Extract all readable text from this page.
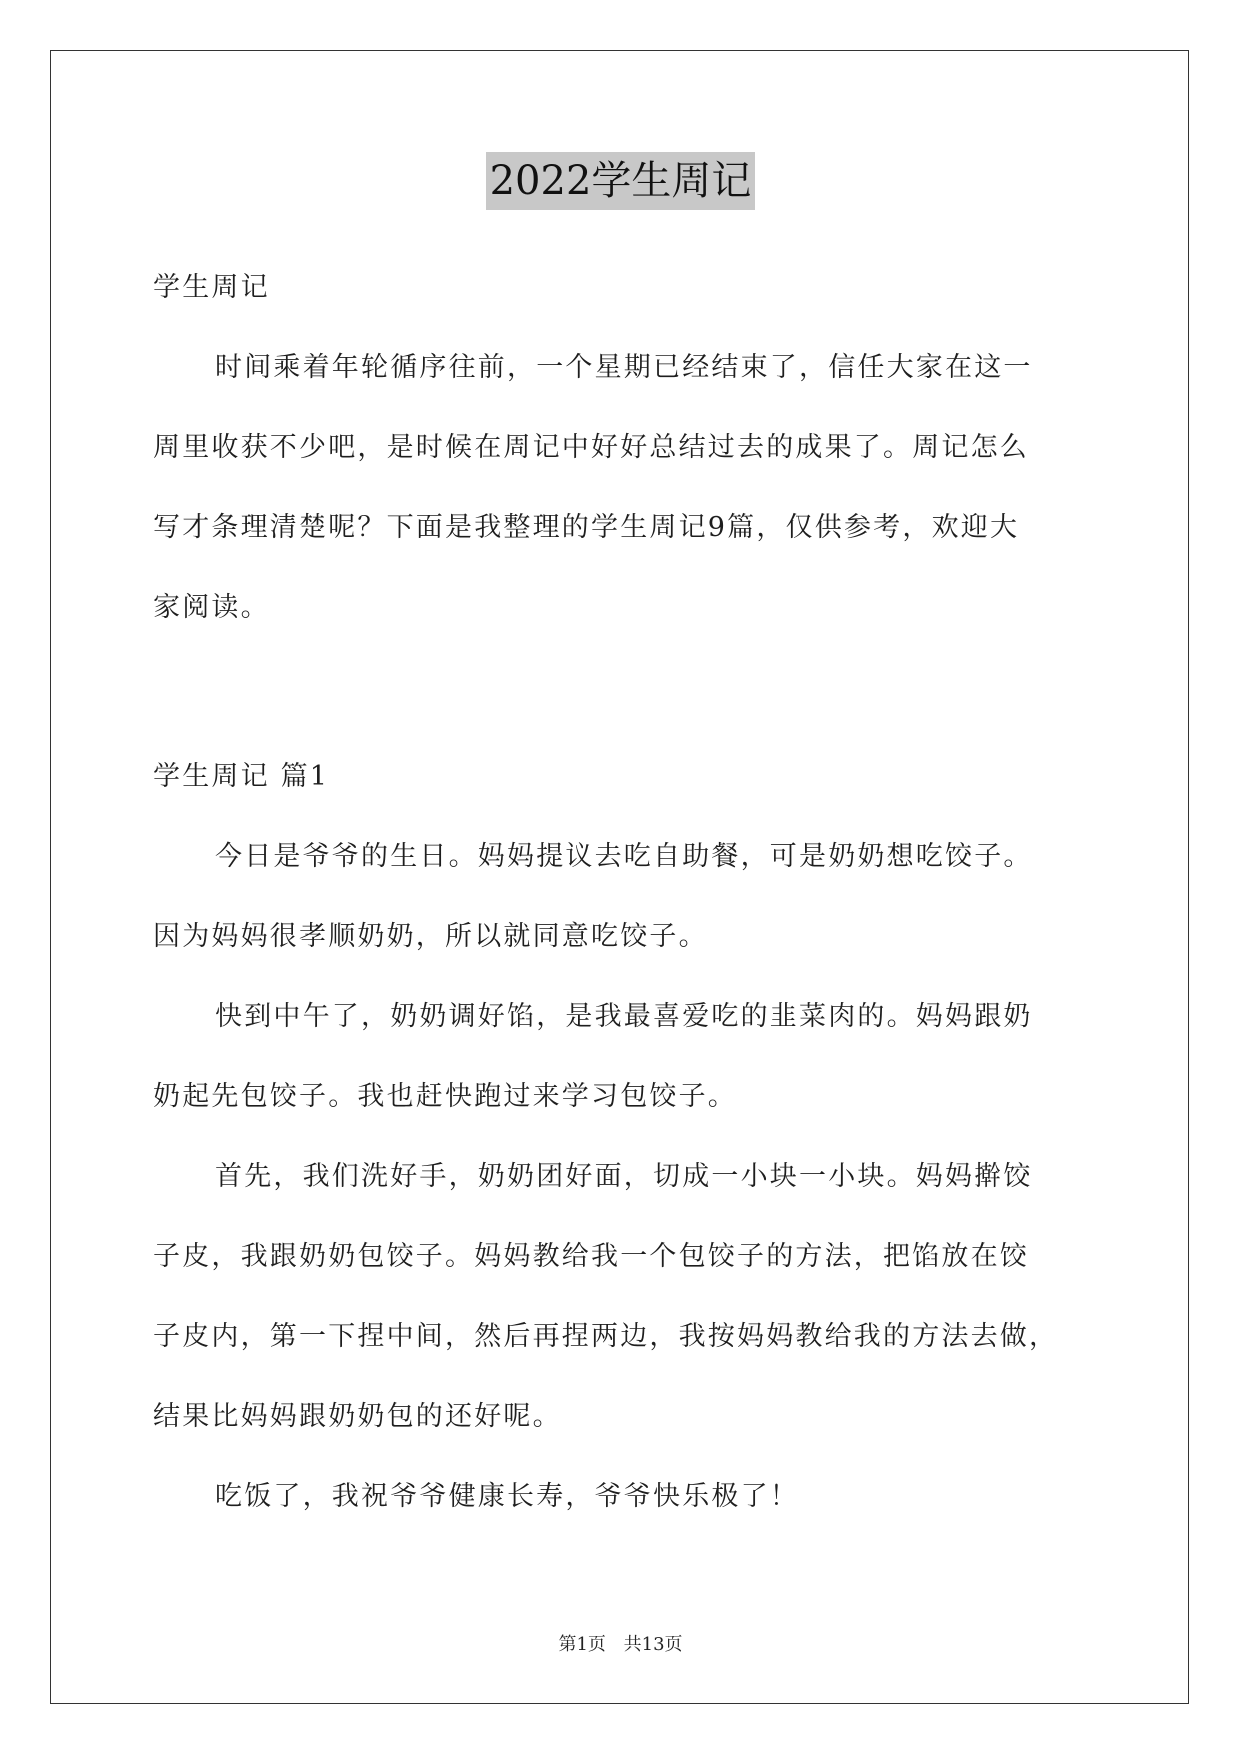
2022学生周记
学生周记
时间乘着年轮循序往前，一个星期已经结束了，信任大家在这一
周里收获不少吧，是时候在周记中好好总结过去的成果了。周记怎么
写才条理清楚呢？下面是我整理的学生周记9篇，仅供参考，欢迎大
家阅读。
学生周记 篇1
今日是爷爷的生日。妈妈提议去吃自助餐，可是奶奶想吃饺子。
因为妈妈很孝顺奶奶，所以就同意吃饺子。
快到中午了，奶奶调好馅，是我最喜爱吃的韭菜肉的。妈妈跟奶
奶起先包饺子。我也赶快跑过来学习包饺子。
首先，我们洗好手，奶奶团好面，切成一小块一小块。妈妈擀饺
子皮，我跟奶奶包饺子。妈妈教给我一个包饺子的方法，把馅放在饺
子皮内，第一下捏中间，然后再捏两边，我按妈妈教给我的方法去做，
结果比妈妈跟奶奶包的还好呢。
吃饭了，我祝爷爷健康长寿，爷爷快乐极了！
第1页 共13页
